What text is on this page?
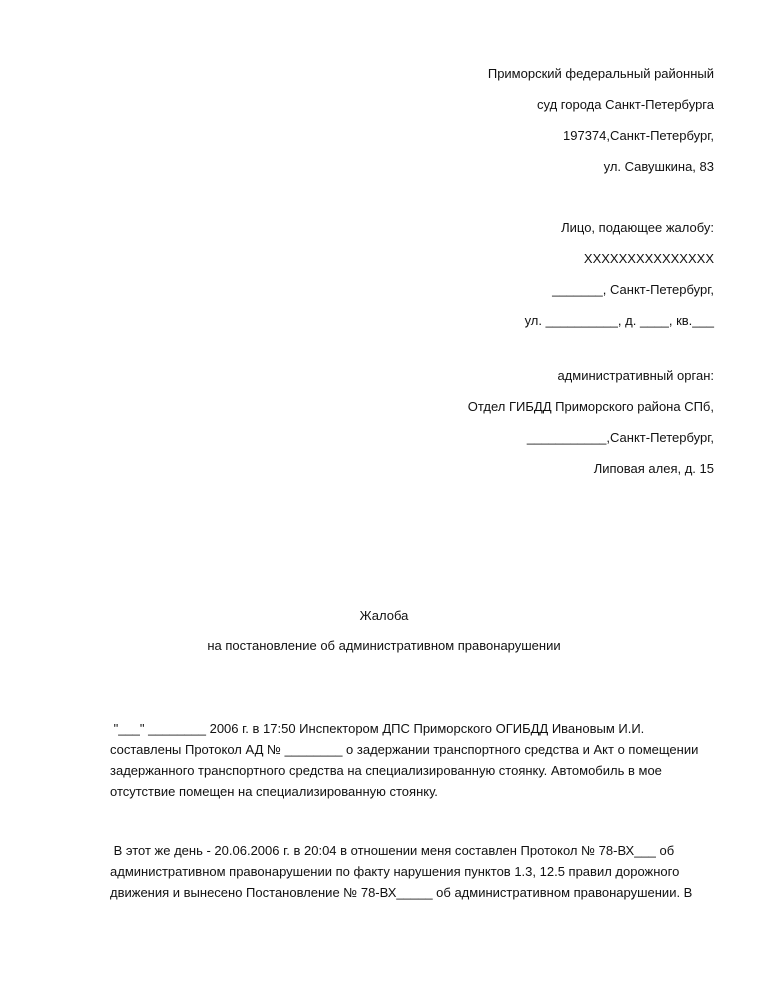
Приморский федеральный районный
суд города Санкт-Петербурга
197374,Санкт-Петербург,
ул. Савушкина, 83
Лицо, подающее жалобу:
XXXXXXXXXXXXXXX
_______, Санкт-Петербург,
ул. __________, д. ____, кв.___
административный орган:
Отдел ГИБДД Приморского района СПб,
___________,Санкт-Петербург,
Липовая алея, д. 15
Жалоба
на постановление об административном правонарушении
"___" ________ 2006 г. в 17:50 Инспектором ДПС Приморского ОГИБДД Ивановым И.И.
составлены Протокол АД № ________ о задержании транспортного средства и Акт о помещении
задержанного транспортного средства на специализированную стоянку. Автомобиль в мое
отсутствие помещен на специализированную стоянку.
В этот же день - 20.06.2006 г. в 20:04 в отношении меня составлен Протокол № 78-ВХ___ об
административном правонарушении по факту нарушения пунктов 1.3, 12.5 правил дорожного
движения и вынесено Постановление № 78-ВХ_____ об административном правонарушении. В
